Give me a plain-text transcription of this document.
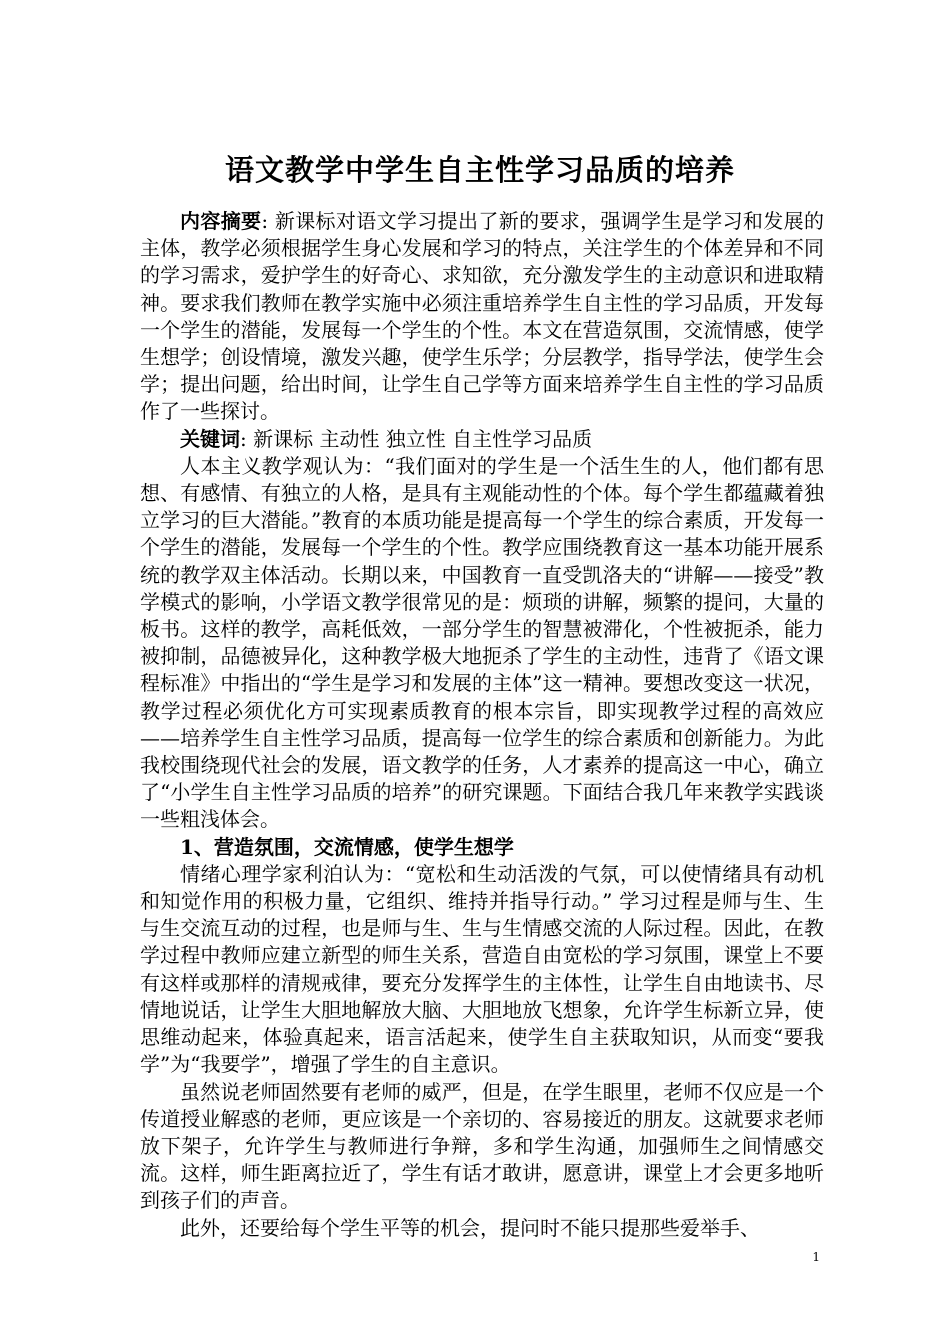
语文教学中学生自主性学习品质的培养

内容摘要: 新课标对语文学习提出了新的要求，强调学生是学习和发展的主体，教学必须根据学生身心发展和学习的特点，关注学生的个体差异和不同的学习需求，爱护学生的好奇心、求知欲，充分激发学生的主动意识和进取精神。要求我们教师在教学实施中必须注重培养学生自主性的学习品质，开发每一个学生的潜能，发展每一个学生的个性。本文在营造氛围，交流情感，使学生想学；创设情境，激发兴趣，使学生乐学；分层教学，指导学法，使学生会学；提出问题，给出时间，让学生自己学等方面来培养学生自主性的学习品质作了一些探讨。

关键词: 新课标 主动性 独立性 自主性学习品质

人本主义教学观认为：“我们面对的学生是一个活生生的人，他们都有思想、有感情、有独立的人格，是具有主观能动性的个体。每个学生都蕴藏着独立学习的巨大潜能。”教育的本质功能是提高每一个学生的综合素质，开发每一个学生的潜能，发展每一个学生的个性。教学应围绕教育这一基本功能开展系统的教学双主体活动。长期以来，中国教育一直受凯洛夫的“讲解——接受”教学模式的影响，小学语文教学很常见的是：烦琐的讲解，频繁的提问，大量的板书。这样的教学，高耗低效，一部分学生的智慧被滞化，个性被扼杀，能力被抑制，品德被异化，这种教学极大地扼杀了学生的主动性，违背了《语文课程标准》中指出的“学生是学习和发展的主体”这一精神。要想改变这一状况，教学过程必须优化方可实现素质教育的根本宗旨，即实现教学过程的高效应——培养学生自主性学习品质，提高每一位学生的综合素质和创新能力。为此我校围绕现代社会的发展，语文教学的任务，人才素养的提高这一中心，确立了“小学生自主性学习品质的培养”的研究课题。下面结合我几年来教学实践谈一些粗浅体会。

1、营造氛围，交流情感，使学生想学

情绪心理学家利泊认为：“宽松和生动活泼的气氛，可以使情绪具有动机和知觉作用的积极力量，它组织、维持并指导行动。” 学习过程是师与生、生与生交流互动的过程，也是师与生、生与生情感交流的人际过程。因此，在教学过程中教师应建立新型的师生关系，营造自由宽松的学习氛围，课堂上不要有这样或那样的清规戒律，要充分发挥学生的主体性，让学生自由地读书、尽情地说话，让学生大胆地解放大脑、大胆地放飞想象，允许学生标新立异，使思维动起来，体验真起来，语言活起来，使学生自主获取知识，从而变“要我学”为“我要学”，增强了学生的自主意识。

虽然说老师固然要有老师的威严，但是，在学生眼里，老师不仅应是一个传道授业解惑的老师，更应该是一个亲切的、容易接近的朋友。这就要求老师放下架子，允许学生与教师进行争辩，多和学生沟通，加强师生之间情感交流。这样，师生距离拉近了，学生有话才敢讲，愿意讲，课堂上才会更多地听到孩子们的声音。

此外，还要给每个学生平等的机会，提问时不能只提那些爱举手、

1
